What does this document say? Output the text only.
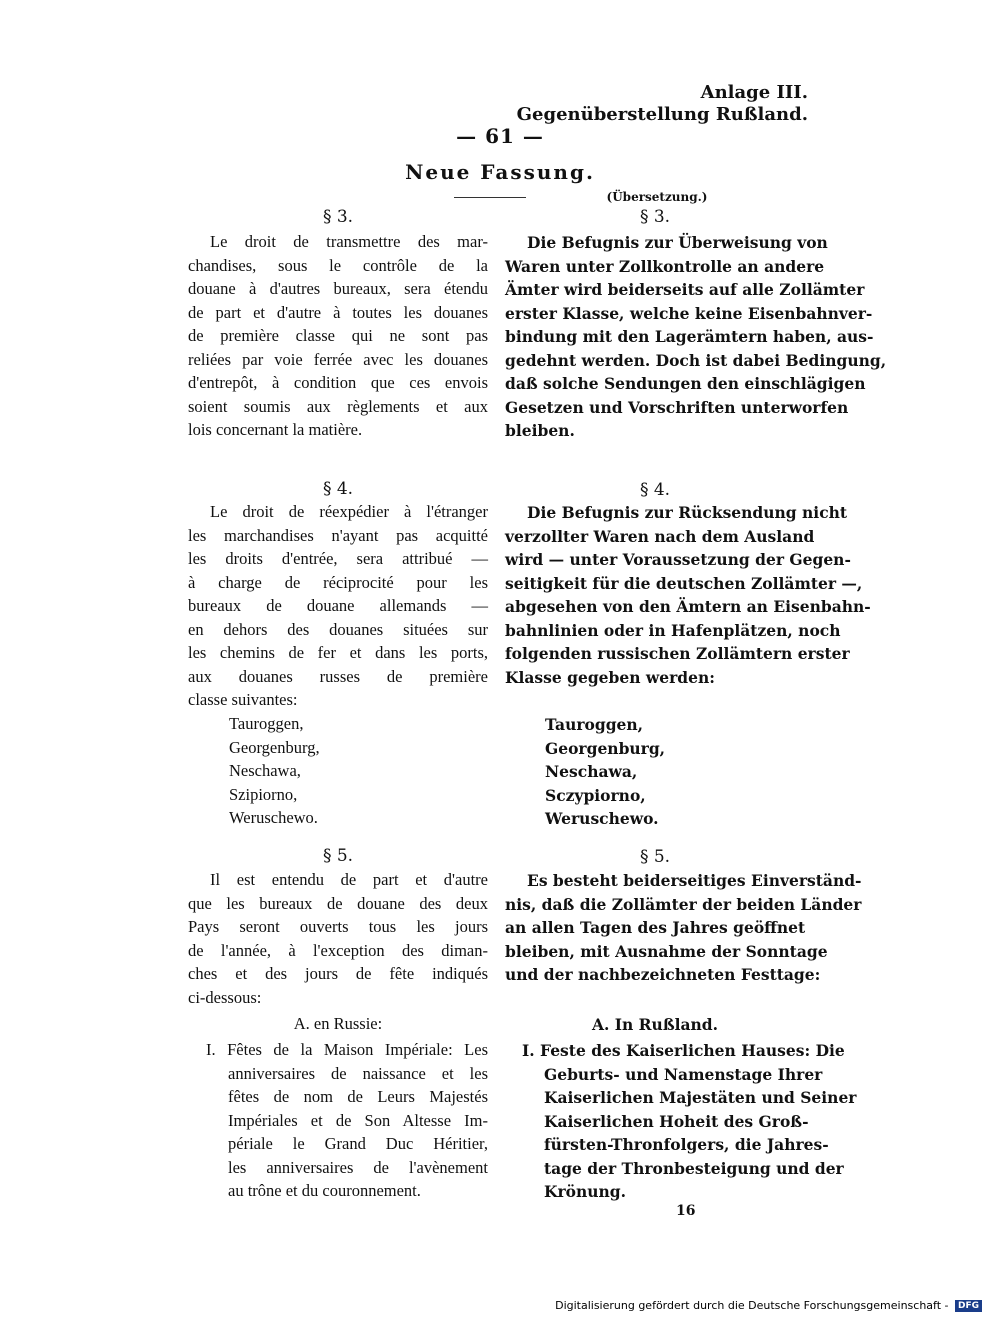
Anlage III.
Gegenüberstellung Rußland.
— 61 —
Neue Fassung.
(Übersetzung.)
§ 3.	§ 3.
Le droit de transmettre des mar-
chandises, sous le contrôle de la
douane à d'autres bureaux, sera étendu
de part et d'autre à toutes les douanes
de première classe qui ne sont pas
reliées par voie ferrée avec les douanes
d'entrepôt, à condition que ces envois
soient soumis aux règlements et aux
lois concernant la matière.
Die Befugnis zur Überweisung von
Waren unter Zollkontrolle an andere
Ämter wird beiderseits auf alle Zollämter
erster Klasse, welche keine Eisenbahnver-
bindung mit den Lagerämtern haben, aus-
gedehnt werden. Doch ist dabei Bedingung,
daß solche Sendungen den einschlägigen
Gesetzen und Vorschriften unterworfen
bleiben.
§ 4.	§ 4.
Le droit de réexpédier à l'étranger
les marchandises n'ayant pas acquitté
les droits d'entrée, sera attribué —
à charge de réciprocité pour les
bureaux de douane allemands —
en dehors des douanes situées sur
les chemins de fer et dans les ports,
aux douanes russes de première
classe suivantes:
Die Befugnis zur Rücksendung nicht
verzollter Waren nach dem Ausland
wird — unter Voraussetzung der Gegen-
seitigkeit für die deutschen Zollämter —,
abgesehen von den Ämtern an Eisenbahn-
bahnlinien oder in Hafenplätzen, noch
folgenden russischen Zollämtern erster
Klasse gegeben werden:
Tauroggen,
Georgenburg,
Neschawa,
Szipiorno,
Weruschewo.
Tauroggen,
Georgenburg,
Neschawa,
Sczypiorno,
Weruschewo.
§ 5.	§ 5.
Il est entendu de part et d'autre
que les bureaux de douane des deux
Pays seront ouverts tous les jours
de l'année, à l'exception des diman-
ches et des jours de fête indiqués
ci-dessous:
Es besteht beiderseitiges Einverständ-
nis, daß die Zollämter der beiden Länder
an allen Tagen des Jahres geöffnet
bleiben, mit Ausnahme der Sonntage
und der nachbezeichneten Festtage:
A. en Russie:	A. In Rußland.
I. Fêtes de la Maison Impériale: Les
anniversaires de naissance et les
fêtes de nom de Leurs Majestés
Impériales et de Son Altesse Im-
périale le Grand Duc Héritier,
les anniversaires de l'avènement
au trône et du couronnement.
I. Feste des Kaiserlichen Hauses: Die
Geburts- und Namenstage Ihrer
Kaiserlichen Majestäten und Seiner
Kaiserlichen Hoheit des Groß-
fürsten-Thronfolgers, die Jahres-
tage der Thronbesteigung und der
Krönung.
16
Digitalisierung gefördert durch die Deutsche Forschungsgemeinschaft - DFG
